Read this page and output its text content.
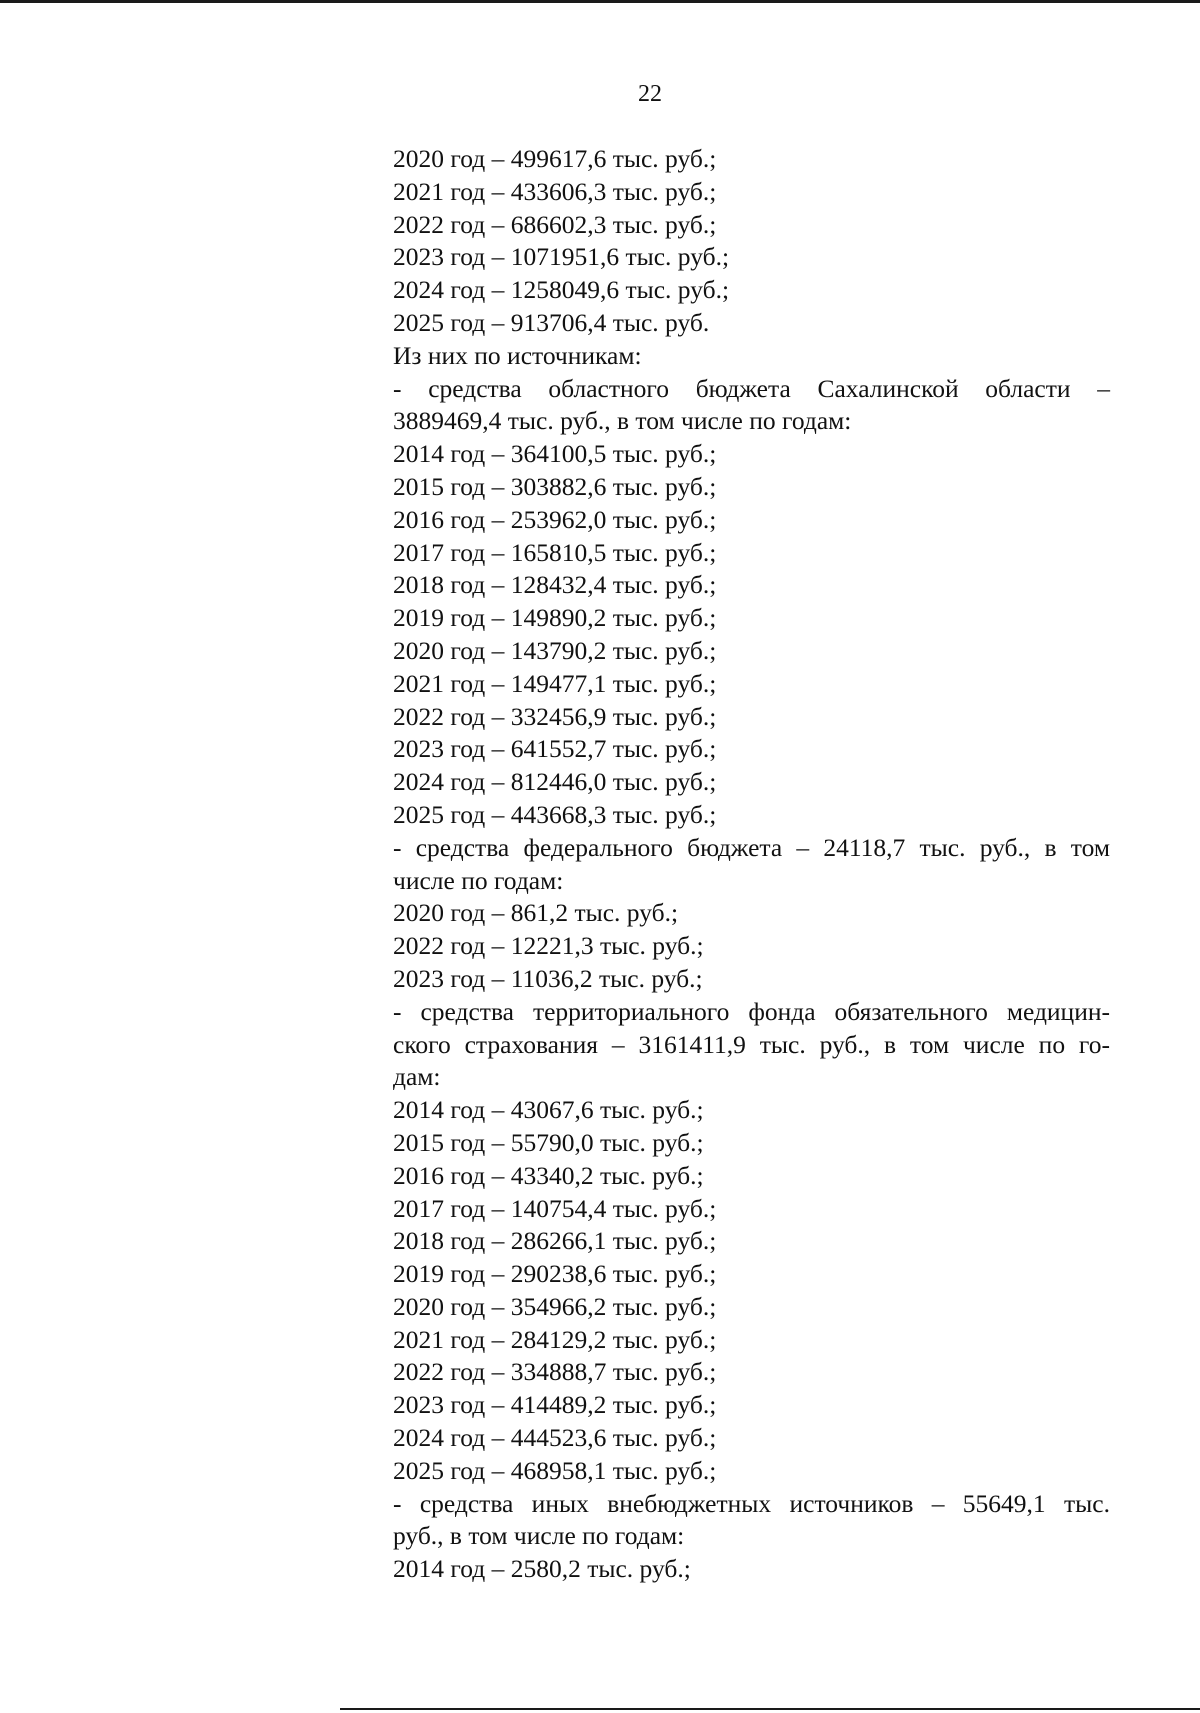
22
2020 год – 499617,6 тыс. руб.;
2021 год – 433606,3 тыс. руб.;
2022 год – 686602,3 тыс. руб.;
2023 год – 1071951,6 тыс. руб.;
2024 год – 1258049,6 тыс. руб.;
2025 год – 913706,4 тыс. руб.
Из них по источникам:
- средства областного бюджета Сахалинской области –
3889469,4 тыс. руб., в том числе по годам:
2014 год – 364100,5 тыс. руб.;
2015 год – 303882,6 тыс. руб.;
2016 год – 253962,0 тыс. руб.;
2017 год – 165810,5 тыс. руб.;
2018 год – 128432,4 тыс. руб.;
2019 год – 149890,2 тыс. руб.;
2020 год – 143790,2 тыс. руб.;
2021 год – 149477,1 тыс. руб.;
2022 год – 332456,9 тыс. руб.;
2023 год – 641552,7 тыс. руб.;
2024 год – 812446,0 тыс. руб.;
2025 год – 443668,3 тыс. руб.;
- средства федерального бюджета – 24118,7 тыс. руб., в том
числе по годам:
2020 год – 861,2 тыс. руб.;
2022 год – 12221,3 тыс. руб.;
2023 год – 11036,2 тыс. руб.;
- средства территориального фонда обязательного медицин-
ского страхования – 3161411,9 тыс. руб., в том числе по го-
дам:
2014 год – 43067,6 тыс. руб.;
2015 год – 55790,0 тыс. руб.;
2016 год – 43340,2 тыс. руб.;
2017 год – 140754,4 тыс. руб.;
2018 год – 286266,1 тыс. руб.;
2019 год – 290238,6 тыс. руб.;
2020 год – 354966,2 тыс. руб.;
2021 год – 284129,2 тыс. руб.;
2022 год – 334888,7 тыс. руб.;
2023 год – 414489,2 тыс. руб.;
2024 год – 444523,6 тыс. руб.;
2025 год – 468958,1 тыс. руб.;
- средства иных внебюджетных источников – 55649,1 тыс.
руб., в том числе по годам:
2014 год – 2580,2 тыс. руб.;
